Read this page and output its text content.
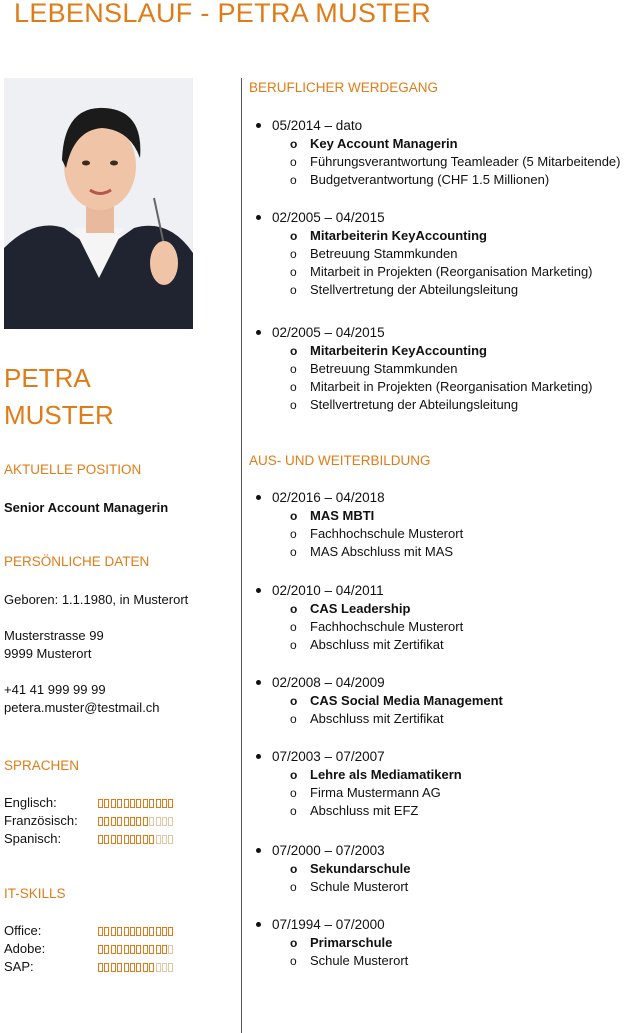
LEBENSLAUF - PETRA MUSTER
PETRA
MUSTER
AKTUELLE POSITION
Senior Account Managerin
PERSÖNLICHE DATEN
Geboren: 1.1.1980, in Musterort
Musterstrasse 99
9999 Musterort
+41 41 999 99 99
petera.muster@testmail.ch
SPRACHEN
Englisch:
Französisch:
Spanisch:
IT-SKILLS
Office:
Adobe:
SAP:
BERUFLICHER WERDEGANG
05/2014 – dato
o Key Account Managerin
o Führungsverantwortung Teamleader (5 Mitarbeitende)
o Budgetverantwortung (CHF 1.5 Millionen)
02/2005 – 04/2015
o Mitarbeiterin KeyAccounting
o Betreuung Stammkunden
o Mitarbeit in Projekten (Reorganisation Marketing)
o Stellvertretung der Abteilungsleitung
02/2005 – 04/2015
o Mitarbeiterin KeyAccounting
o Betreuung Stammkunden
o Mitarbeit in Projekten (Reorganisation Marketing)
o Stellvertretung der Abteilungsleitung
AUS- UND WEITERBILDUNG
02/2016 – 04/2018
o MAS MBTI
o Fachhochschule Musterort
o MAS Abschluss mit MAS
02/2010 – 04/2011
o CAS Leadership
o Fachhochschule Musterort
o Abschluss mit Zertifikat
02/2008 – 04/2009
o CAS Social Media Management
o Abschluss mit Zertifikat
07/2003 – 07/2007
o Lehre als Mediamatikern
o Firma Mustermann AG
o Abschluss mit EFZ
07/2000 – 07/2003
o Sekundarschule
o Schule Musterort
07/1994 – 07/2000
o Primarschule
o Schule Musterort
